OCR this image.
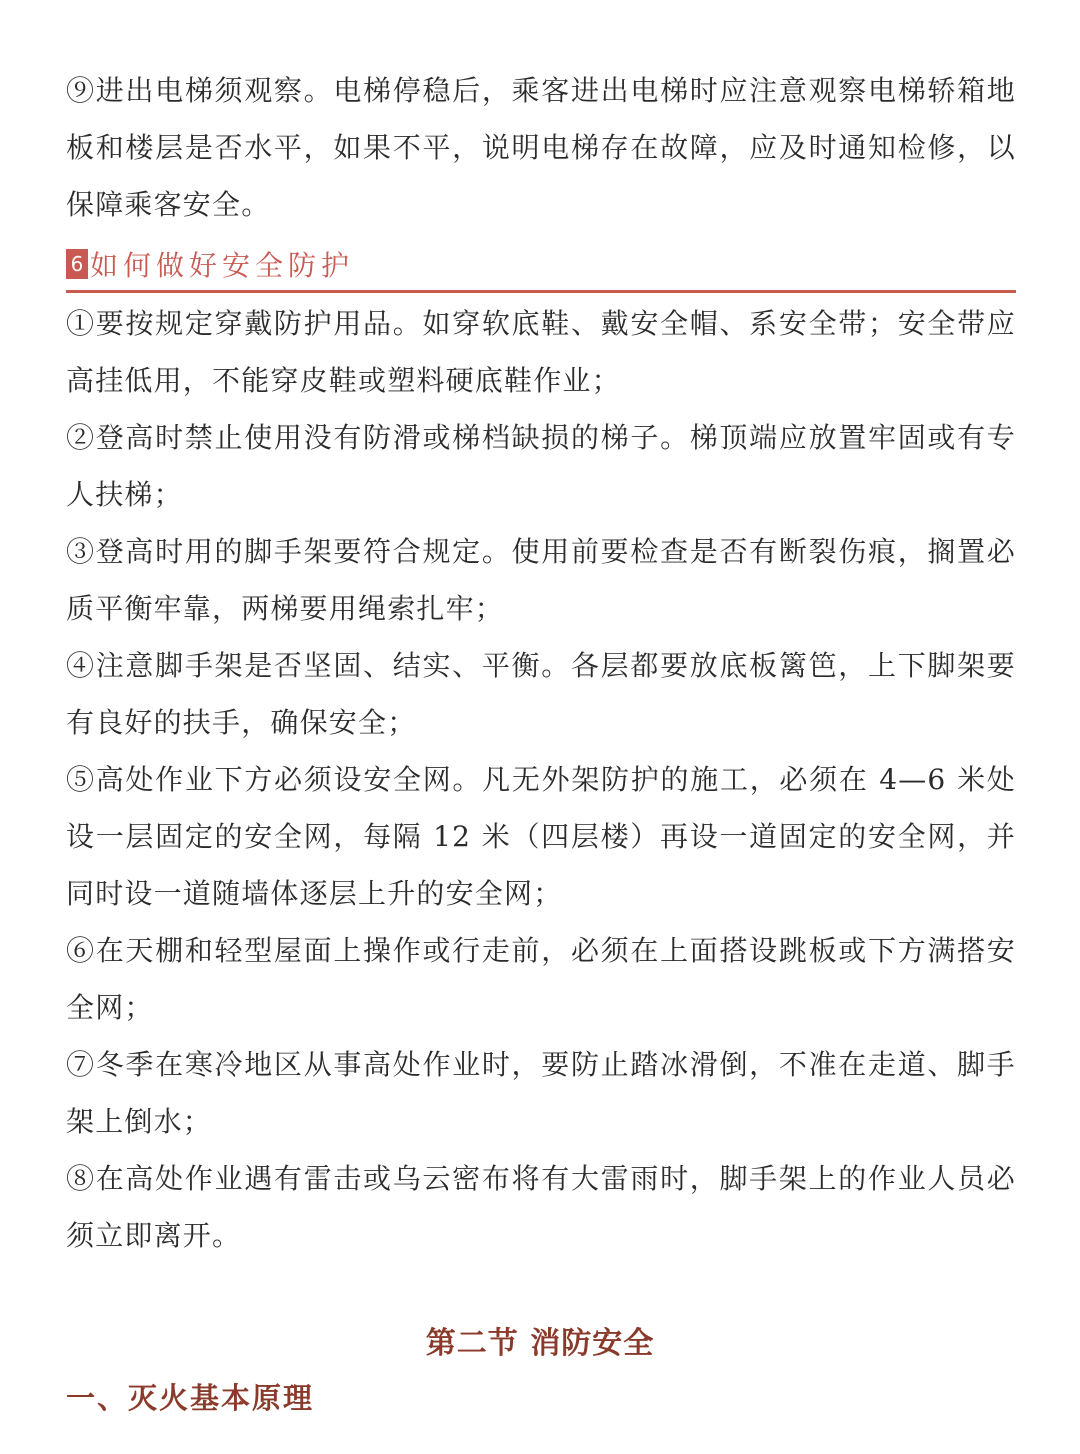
⑨进出电梯须观察。电梯停稳后，乘客进出电梯时应注意观察电梯轿箱地板和楼层是否水平，如果不平，说明电梯存在故障，应及时通知检修，以保障乘客安全。

6 如何做好安全防护

①要按规定穿戴防护用品。如穿软底鞋、戴安全帽、系安全带；安全带应高挂低用，不能穿皮鞋或塑料硬底鞋作业；

②登高时禁止使用没有防滑或梯档缺损的梯子。梯顶端应放置牢固或有专人扶梯；

③登高时用的脚手架要符合规定。使用前要检查是否有断裂伤痕，搁置必质平衡牢靠，两梯要用绳索扎牢；

④注意脚手架是否坚固、结实、平衡。各层都要放底板篱笆，上下脚架要有良好的扶手，确保安全；

⑤高处作业下方必须设安全网。凡无外架防护的施工，必须在 4—6 米处设一层固定的安全网，每隔 12 米（四层楼）再设一道固定的安全网，并同时设一道随墙体逐层上升的安全网；

⑥在天棚和轻型屋面上操作或行走前，必须在上面搭设跳板或下方满搭安全网；

⑦冬季在寒冷地区从事高处作业时，要防止踏冰滑倒，不准在走道、脚手架上倒水；

⑧在高处作业遇有雷击或乌云密布将有大雷雨时，脚手架上的作业人员必须立即离开。

第二节 消防安全
一、灭火基本原理
